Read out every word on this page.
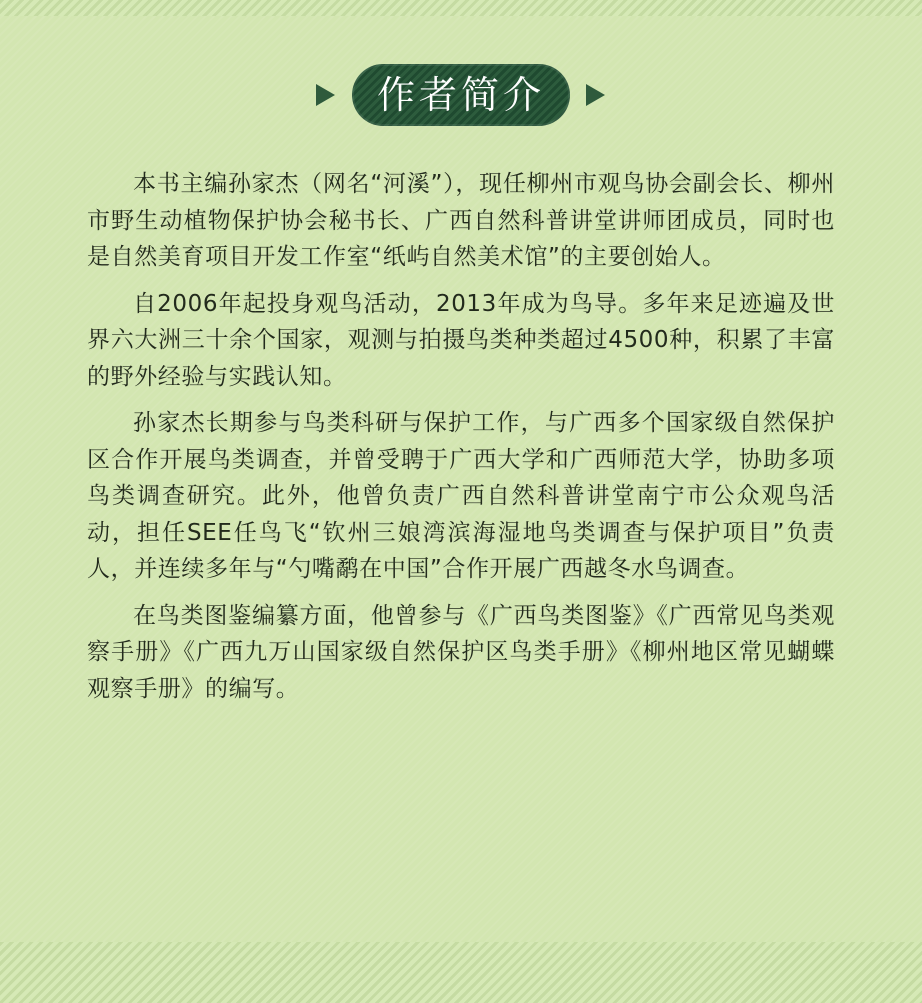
作者简介

本书主编孙家杰（网名“河溪”），现任柳州市观鸟协会副会长、柳州市野生动植物保护协会秘书长、广西自然科普讲堂讲师团成员，同时也是自然美育项目开发工作室“纸屿自然美术馆”的主要创始人。

自2006年起投身观鸟活动，2013年成为鸟导。多年来足迹遍及世界六大洲三十余个国家，观测与拍摄鸟类种类超过4500种，积累了丰富的野外经验与实践认知。

孙家杰长期参与鸟类科研与保护工作，与广西多个国家级自然保护区合作开展鸟类调查，并曾受聘于广西大学和广西师范大学，协助多项鸟类调查研究。此外，他曾负责广西自然科普讲堂南宁市公众观鸟活动，担任SEE任鸟飞“钦州三娘湾滨海湿地鸟类调查与保护项目”负责人，并连续多年与“勺嘴鹬在中国”合作开展广西越冬水鸟调查。

在鸟类图鉴编纂方面，他曾参与《广西鸟类图鉴》《广西常见鸟类观察手册》《广西九万山国家级自然保护区鸟类手册》《柳州地区常见蝴蝶观察手册》的编写。
